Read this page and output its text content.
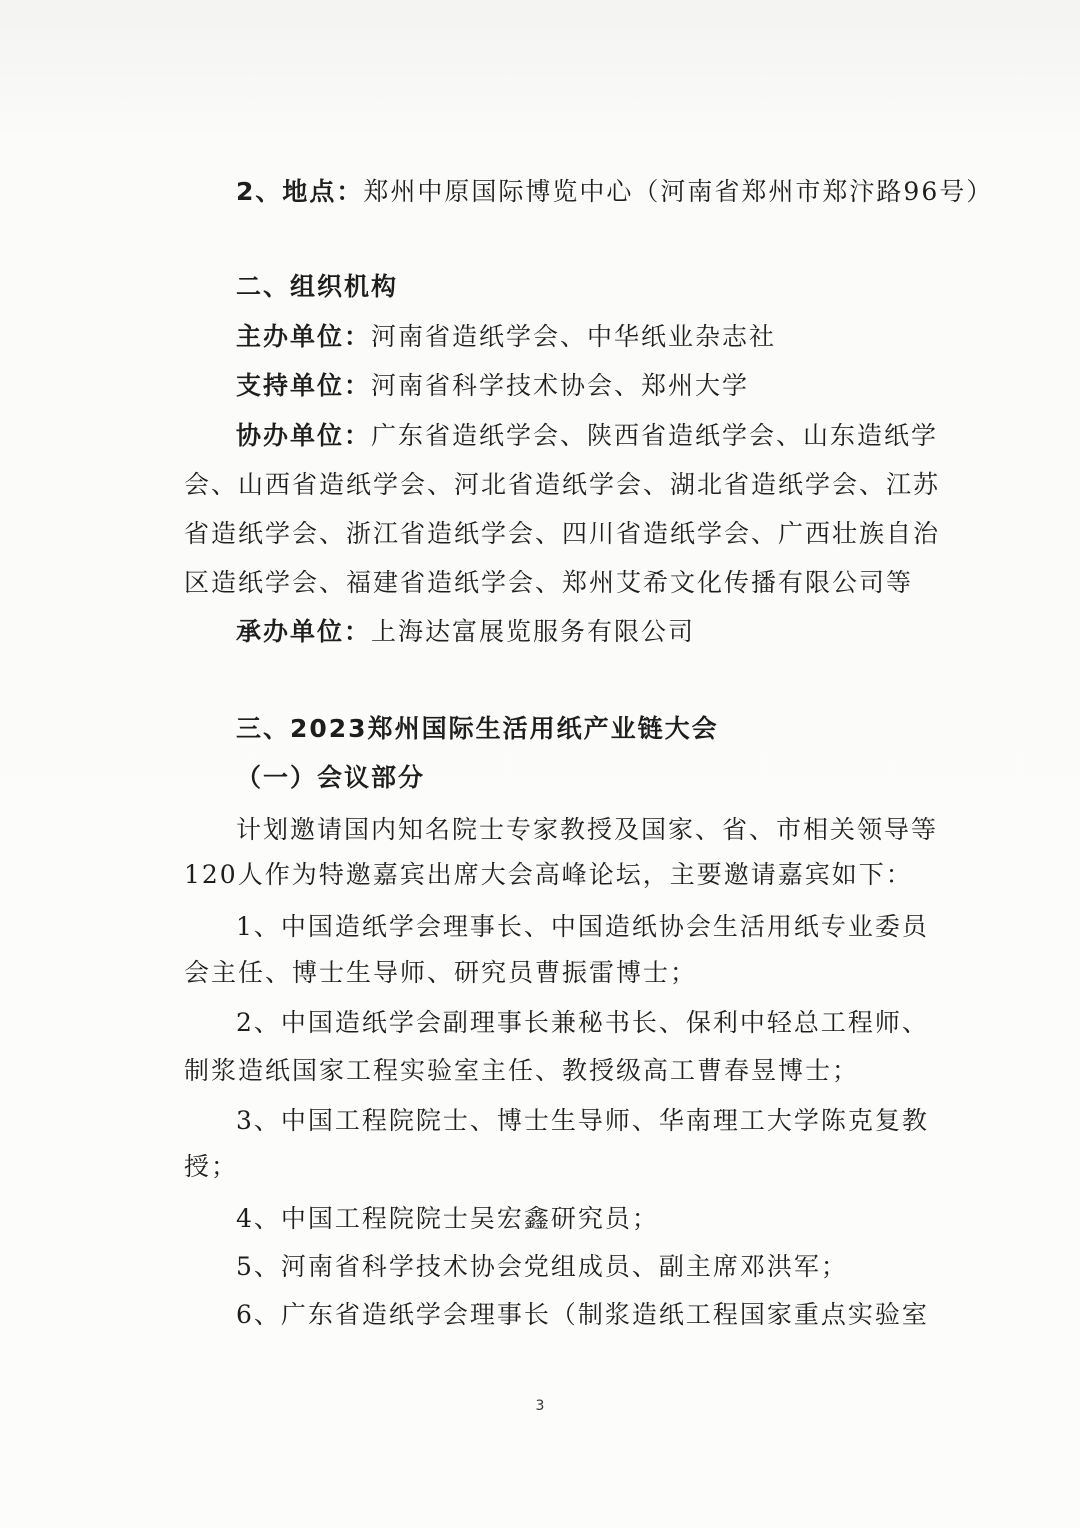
2、地点：郑州中原国际博览中心（河南省郑州市郑汴路96号）
二、组织机构
主办单位：河南省造纸学会、中华纸业杂志社
支持单位：河南省科学技术协会、郑州大学
协办单位：广东省造纸学会、陕西省造纸学会、山东造纸学
会、山西省造纸学会、河北省造纸学会、湖北省造纸学会、江苏
省造纸学会、浙江省造纸学会、四川省造纸学会、广西壮族自治
区造纸学会、福建省造纸学会、郑州艾希文化传播有限公司等
承办单位：上海达富展览服务有限公司
三、2023郑州国际生活用纸产业链大会
（一）会议部分
计划邀请国内知名院士专家教授及国家、省、市相关领导等
120人作为特邀嘉宾出席大会高峰论坛，主要邀请嘉宾如下：
1、中国造纸学会理事长、中国造纸协会生活用纸专业委员
会主任、博士生导师、研究员曹振雷博士；
2、中国造纸学会副理事长兼秘书长、保利中轻总工程师、
制浆造纸国家工程实验室主任、教授级高工曹春昱博士；
3、中国工程院院士、博士生导师、华南理工大学陈克复教
授；
4、中国工程院院士吴宏鑫研究员；
5、河南省科学技术协会党组成员、副主席邓洪军；
6、广东省造纸学会理事长（制浆造纸工程国家重点实验室
3
